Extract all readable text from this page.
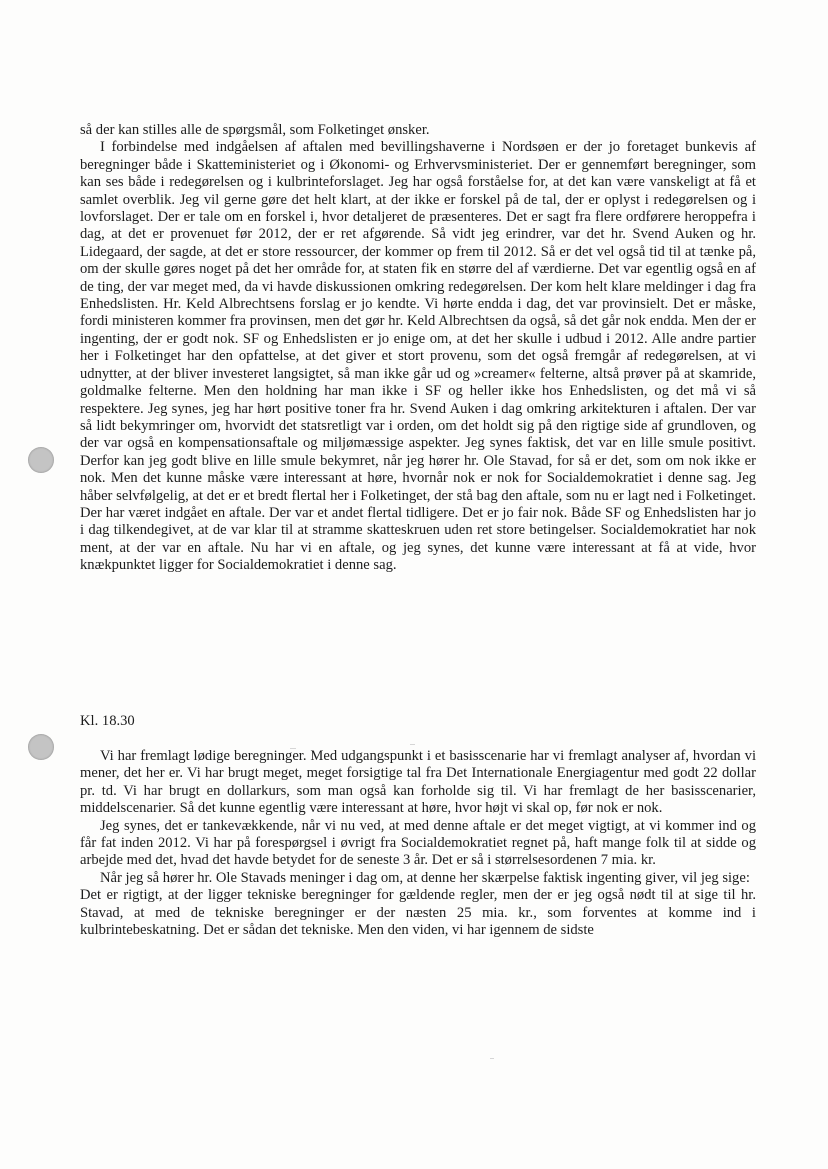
så der kan stilles alle de spørgsmål, som Folketinget ønsker.

I forbindelse med indgåelsen af aftalen med bevillingshaverne i Nordsøen er der jo foretaget bunkevis af beregninger både i Skatteministeriet og i Økonomi- og Erhvervsministeriet. Der er gennemført beregninger, som kan ses både i redegørelsen og i kulbrinteforslaget. Jeg har også forståelse for, at det kan være vanskeligt at få et samlet overblik. Jeg vil gerne gøre det helt klart, at der ikke er forskel på de tal, der er oplyst i redegørelsen og i lovforslaget. Der er tale om en forskel i, hvor detaljeret de præsenteres. Det er sagt fra flere ordførere heroppefra i dag, at det er provenuet før 2012, der er ret afgørende. Så vidt jeg erindrer, var det hr. Svend Auken og hr. Lidegaard, der sagde, at det er store ressourcer, der kommer op frem til 2012. Så er det vel også tid til at tænke på, om der skulle gøres noget på det her område for, at staten fik en større del af værdierne. Det var egentlig også en af de ting, der var meget med, da vi havde diskussionen omkring redegørelsen. Der kom helt klare meldinger i dag fra Enhedslisten. Hr. Keld Albrechtsens forslag er jo kendte. Vi hørte endda i dag, det var provinsielt. Det er måske, fordi ministeren kommer fra provinsen, men det gør hr. Keld Albrechtsen da også, så det går nok endda. Men der er ingenting, der er godt nok. SF og Enhedslisten er jo enige om, at det her skulle i udbud i 2012. Alle andre partier her i Folketinget har den opfattelse, at det giver et stort provenu, som det også fremgår af redegørelsen, at vi udnytter, at der bliver investeret langsigtet, så man ikke går ud og »creamer« felterne, altså prøver på at skamride, goldmalke felterne. Men den holdning har man ikke i SF og heller ikke hos Enhedslisten, og det må vi så respektere. Jeg synes, jeg har hørt positive toner fra hr. Svend Auken i dag omkring arkitekturen i aftalen. Der var så lidt bekymringer om, hvorvidt det statsretligt var i orden, om det holdt sig på den rigtige side af grundloven, og der var også en kompensationsaftale og miljømæssige aspekter. Jeg synes faktisk, det var en lille smule positivt. Derfor kan jeg godt blive en lille smule bekymret, når jeg hører hr. Ole Stavad, for så er det, som om nok ikke er nok. Men det kunne måske være interessant at høre, hvornår nok er nok for Socialdemokratiet i denne sag. Jeg håber selvfølgelig, at det er et bredt flertal her i Folketinget, der stå bag den aftale, som nu er lagt ned i Folketinget. Der har været indgået en aftale. Der var et andet flertal tidligere. Det er jo fair nok. Både SF og Enhedslisten har jo i dag tilkendegivet, at de var klar til at stramme skatteskruen uden ret store betingelser. Socialdemokratiet har nok ment, at der var en aftale. Nu har vi en aftale, og jeg synes, det kunne være interessant at få at vide, hvor knækpunktet ligger for Socialdemokratiet i denne sag.

Kl. 18.30

Vi har fremlagt lødige beregninger. Med udgangspunkt i et basisscenarie har vi fremlagt analyser af, hvordan vi mener, det her er. Vi har brugt meget, meget forsigtige tal fra Det Internationale Energiagentur med godt 22 dollar pr. td. Vi har brugt en dollarkurs, som man også kan forholde sig til. Vi har fremlagt de her basisscenarier, middelscenarier. Så det kunne egentlig være interessant at høre, hvor højt vi skal op, før nok er nok.

Jeg synes, det er tankevækkende, når vi nu ved, at med denne aftale er det meget vigtigt, at vi kommer ind og får fat inden 2012. Vi har på forespørgsel i øvrigt fra Socialdemokratiet regnet på, haft mange folk til at sidde og arbejde med det, hvad det havde betydet for de seneste 3 år. Det er så i størrelsesordenen 7 mia. kr.

Når jeg så hører hr. Ole Stavads meninger i dag om, at denne her skærpelse faktisk ingenting giver, vil jeg sige:

Det er rigtigt, at der ligger tekniske beregninger for gældende regler, men der er jeg også nødt til at sige til hr. Stavad, at med de tekniske beregninger er der næsten 25 mia. kr., som forventes at komme ind i kulbrintebeskatning. Det er sådan det tekniske. Men den viden, vi har igennem de sidste
